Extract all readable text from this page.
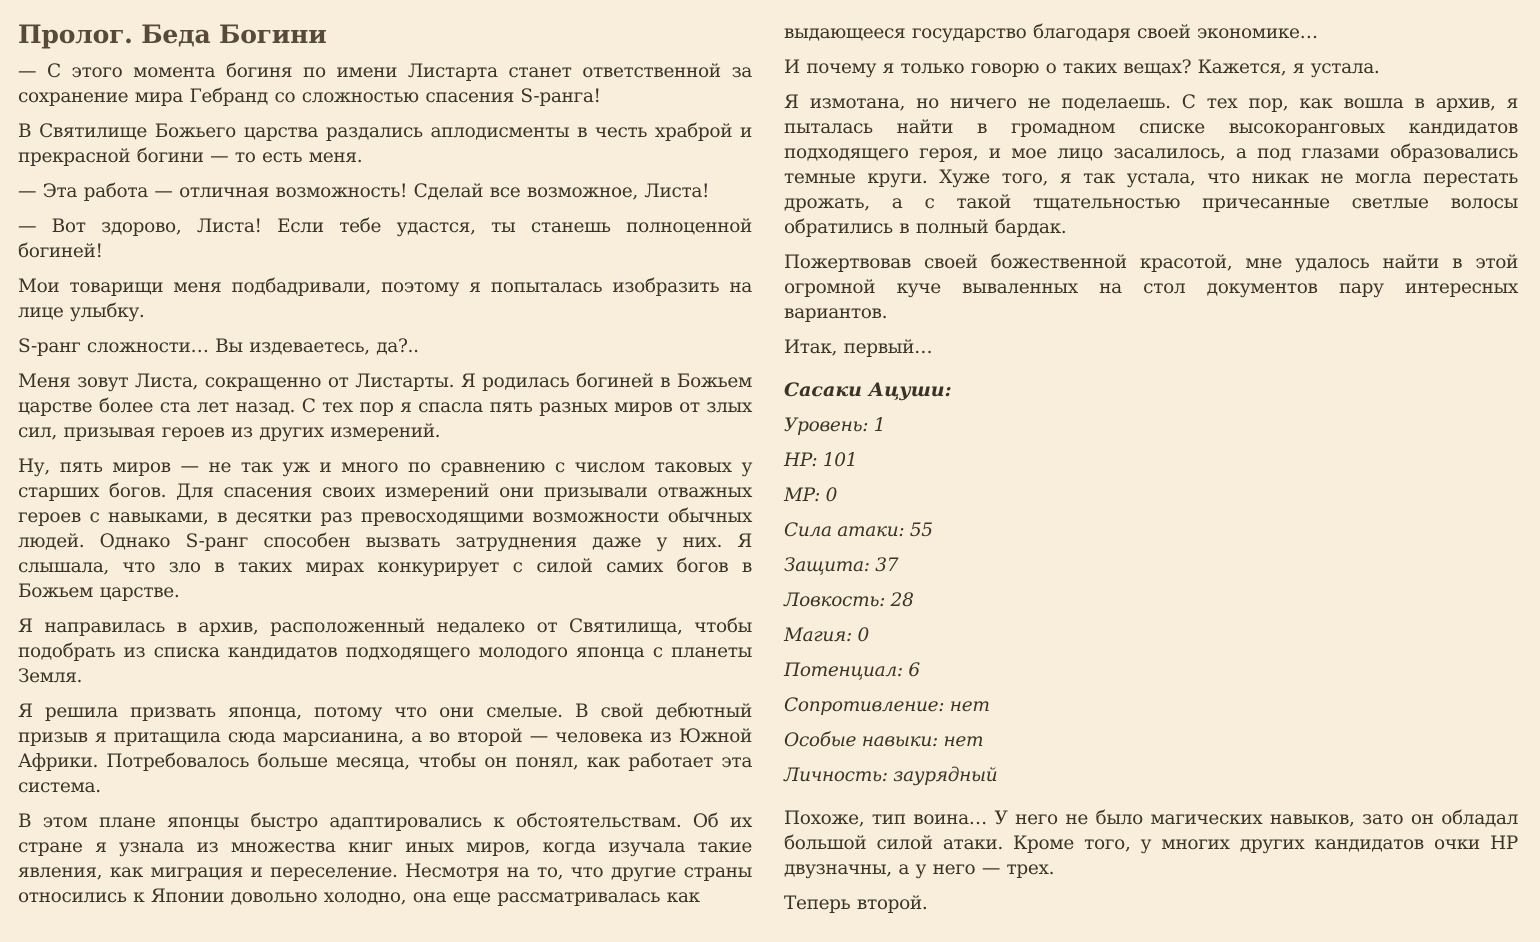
Пролог. Беда Богини

— С этого момента богиня по имени Листарта станет ответственной за сохранение мира Гебранд со сложностью спасения S-ранга!

В Святилище Божьего царства раздались аплодисменты в честь храброй и прекрасной богини — то есть меня.

— Эта работа — отличная возможность! Сделай все возможное, Листа!

— Вот здорово, Листа! Если тебе удастся, ты станешь полноценной богиней!

Мои товарищи меня подбадривали, поэтому я попыталась изобразить на лице улыбку.

S-ранг сложности… Вы издеваетесь, да?..

Меня зовут Листа, сокращенно от Листарты. Я родилась богиней в Божьем царстве более ста лет назад. С тех пор я спасла пять разных миров от злых сил, призывая героев из других измерений.

Ну, пять миров — не так уж и много по сравнению с числом таковых у старших богов. Для спасения своих измерений они призывали отважных героев с навыками, в десятки раз превосходящими возможности обычных людей. Однако S-ранг способен вызвать затруднения даже у них. Я слышала, что зло в таких мирах конкурирует с силой самих богов в Божьем царстве.

Я направилась в архив, расположенный недалеко от Святилища, чтобы подобрать из списка кандидатов подходящего молодого японца с планеты Земля.

Я решила призвать японца, потому что они смелые. В свой дебютный призыв я притащила сюда марсианина, а во второй — человека из Южной Африки. Потребовалось больше месяца, чтобы он понял, как работает эта система.

В этом плане японцы быстро адаптировались к обстоятельствам. Об их стране я узнала из множества книг иных миров, когда изучала такие явления, как миграция и переселение. Несмотря на то, что другие страны относились к Японии довольно холодно, она еще рассматривалась как

выдающееся государство благодаря своей экономике…

И почему я только говорю о таких вещах? Кажется, я устала.

Я измотана, но ничего не поделаешь. С тех пор, как вошла в архив, я пыталась найти в громадном списке высокоранговых кандидатов подходящего героя, и мое лицо засалилось, а под глазами образовались темные круги. Хуже того, я так устала, что никак не могла перестать дрожать, а с такой тщательностью причесанные светлые волосы обратились в полный бардак.

Пожертвовав своей божественной красотой, мне удалось найти в этой огромной куче вываленных на стол документов пару интересных вариантов.

Итак, первый…

Сасаки Ацуши:
Уровень: 1
HP: 101
MP: 0
Сила атаки: 55
Защита: 37
Ловкость: 28
Магия: 0
Потенциал: 6
Сопротивление: нет
Особые навыки: нет
Личность: заурядный

Похоже, тип воина… У него не было магических навыков, зато он обладал большой силой атаки. Кроме того, у многих других кандидатов очки HP двузначны, а у него — трех.

Теперь второй.
